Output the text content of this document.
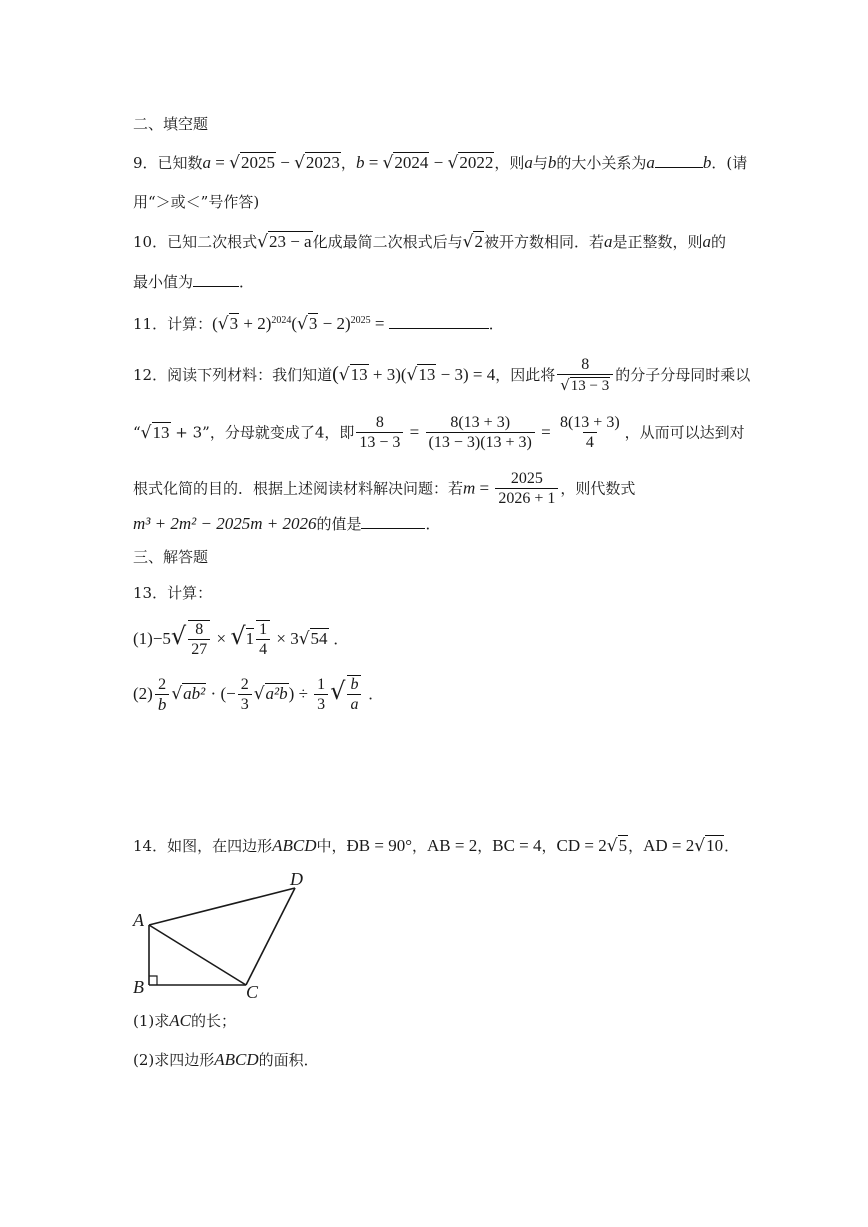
二、填空题
9．已知数a = √2025 − √2023，b = √2024 − √2022，则a与b的大小关系为a	b．(请
用“＞或＜”号作答)
10．已知二次根式√23 − a化成最简二次根式后与√2被开方数相同．若a是正整数，则a的
最小值为	．
11．计算：$(√3 + 2)^{2024}(√3 - 2)^{2025}$ =	．
12．阅读下列材料：我们知道(√13 + 3)(√13 − 3) = 4，因此将 $\frac{8}{√13 - 3}$ 的分子分母同时乘以
“√13 + 3”，分母就变成了4，即 $\frac{8}{13 - 3} = \frac{8(13 + 3)}{(13 - 3)(13 + 3)} = \frac{8(13 + 3)}{4}$ ，从而可以达到对
根式化简的目的．根据上述阅读材料解决问题：若$m = \frac{2025}{2026 + 1}$ ，则代数式
m³ + 2m² − 2025m + 2026的值是	．
三、解答题
13．计算：
$(1)-5√ \frac{8}{27} \times √1 \frac{1}{4} \times 3√54$ ．
$(2) \frac{2}{b} √ab^2$ · (− $\frac{2}{3} √a^2b) \div \frac{1}{3}$ √ $\frac{b}{a}$ ．
14．如图，在四边形ABCD中，ÐB = 90°，AB = 2，BC = 4，CD = 2√5，AD = 2√10．
A
B	C
D
(1)求AC的长；
(2)求四边形ABCD的面积．
